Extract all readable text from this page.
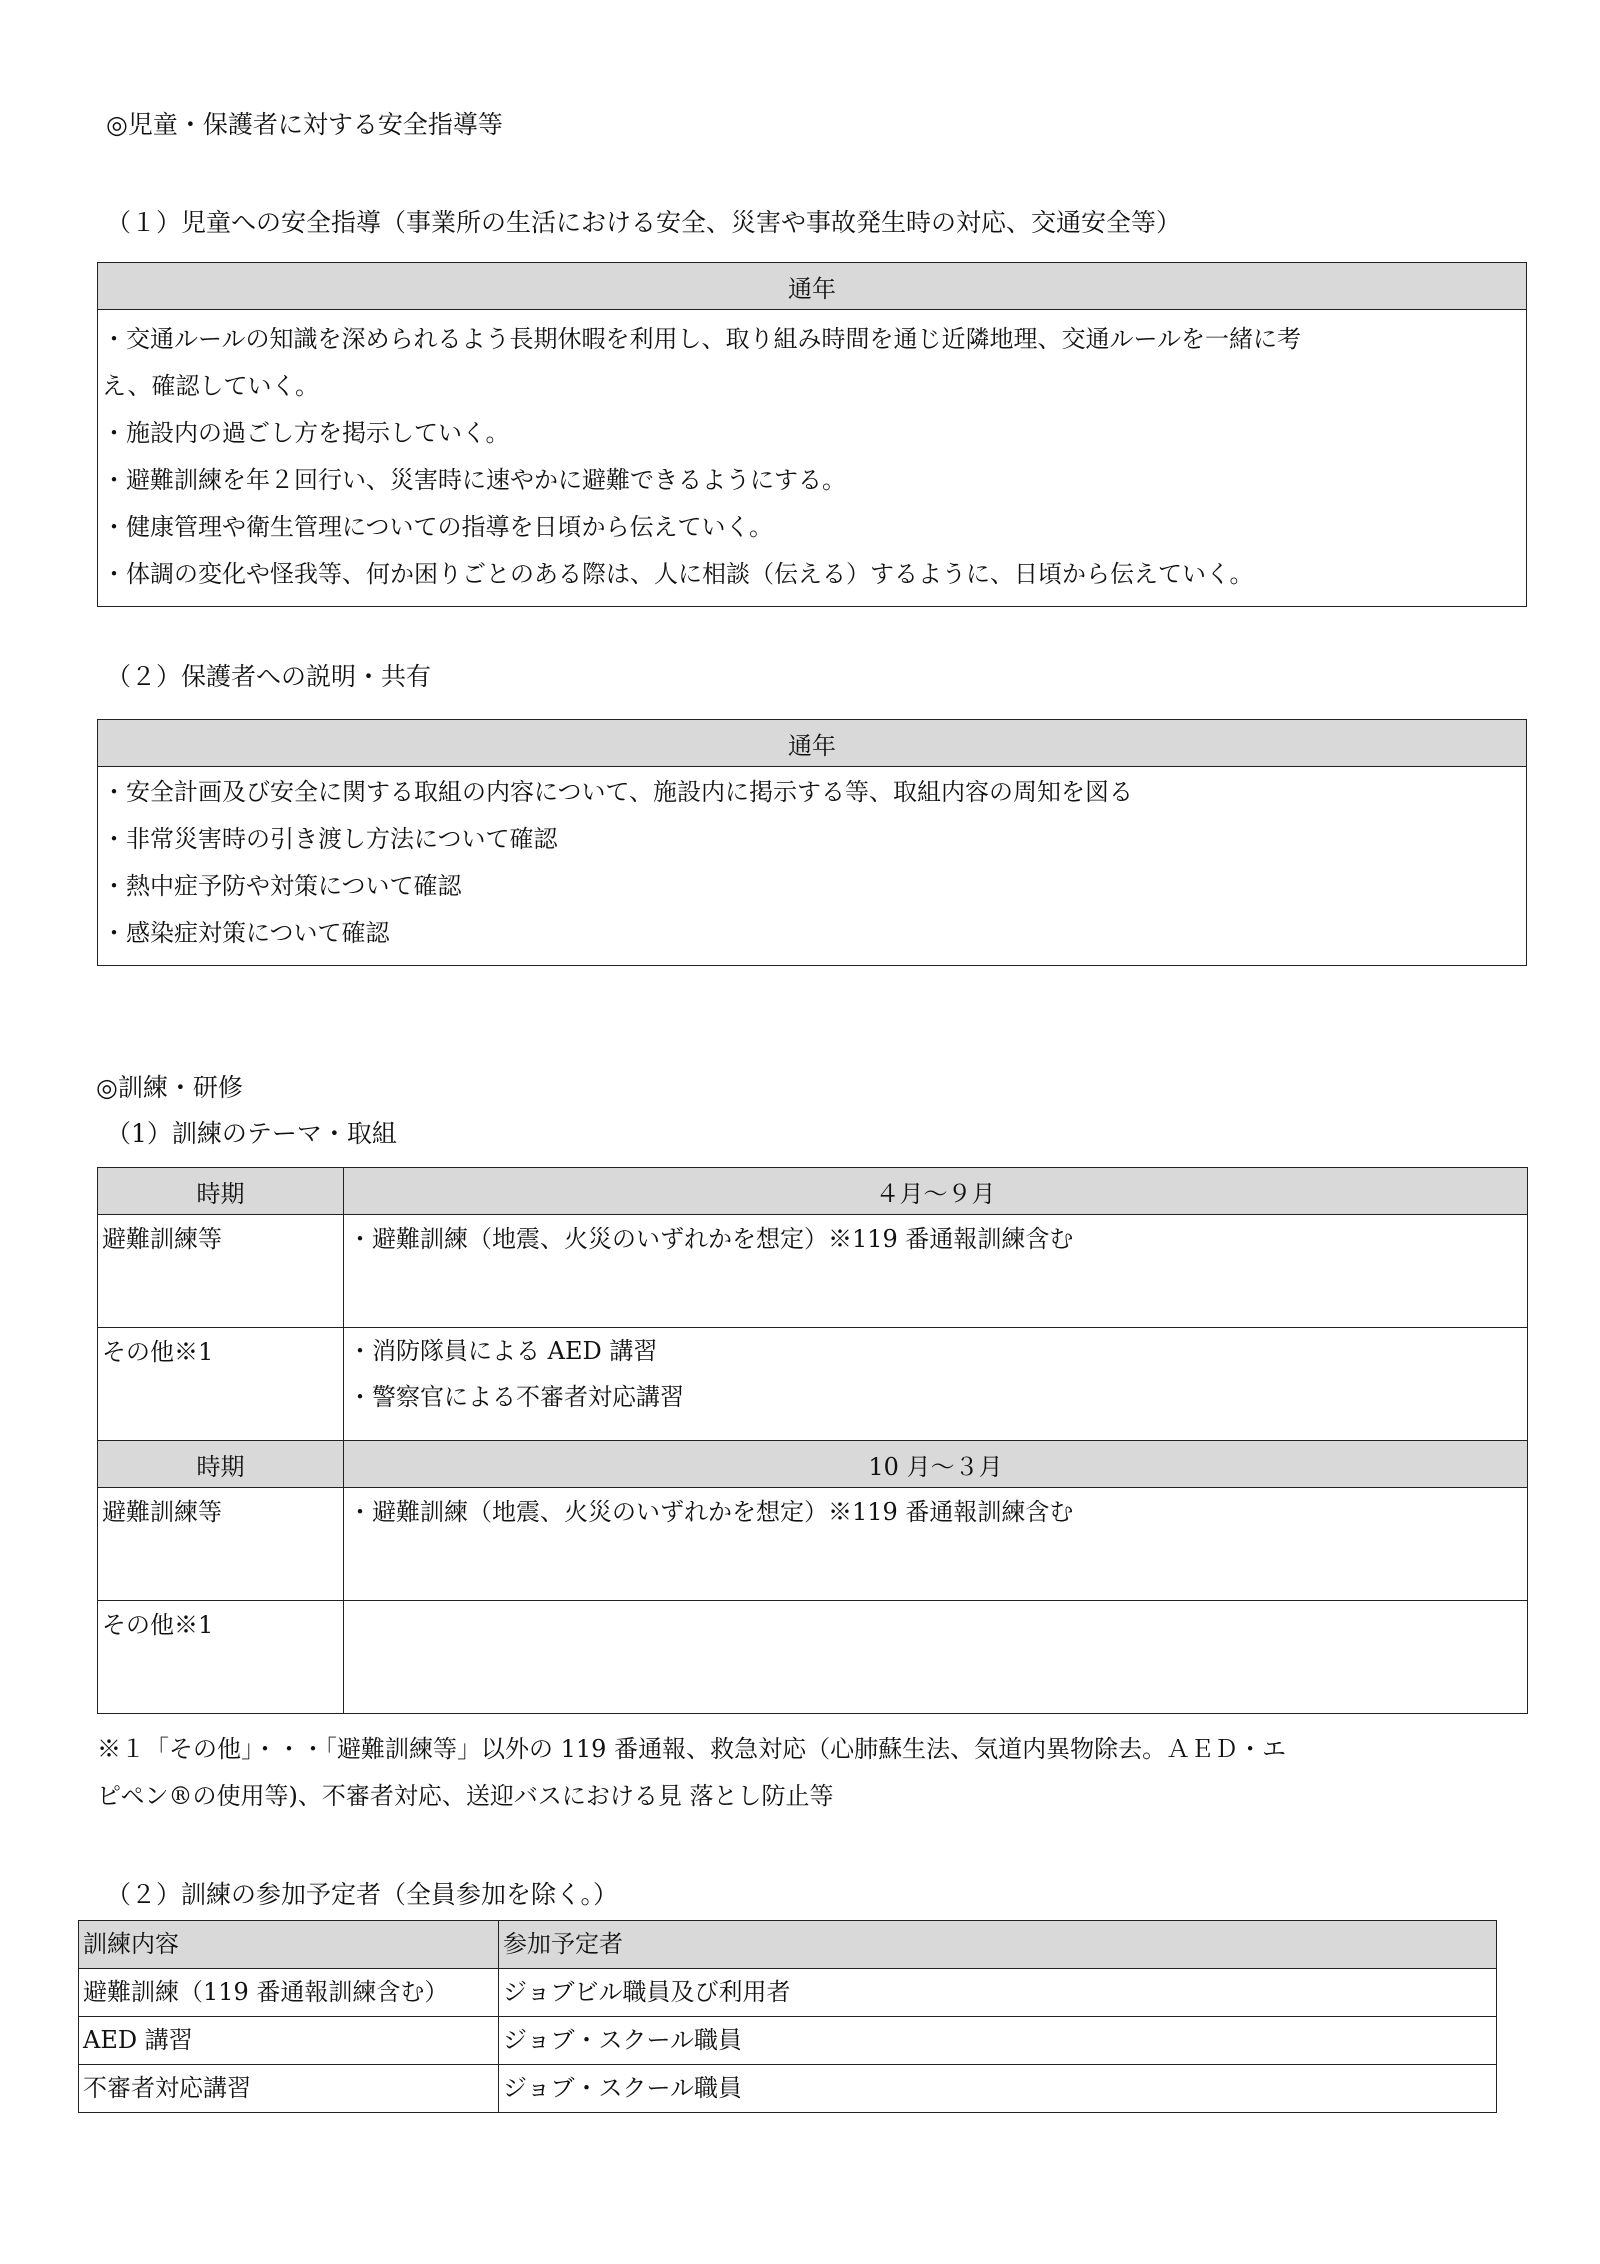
◎児童・保護者に対する安全指導等
（１）児童への安全指導（事業所の生活における安全、災害や事故発生時の対応、交通安全等）
通年

・交通ルールの知識を深められるよう長期休暇を利用し、取り組み時間を通じ近隣地理、交通ルールを一緒に考
え、確認していく。
・施設内の過ごし方を掲示していく。
・避難訓練を年２回行い、災害時に速やかに避難できるようにする。
・健康管理や衛生管理についての指導を日頃から伝えていく。
・体調の変化や怪我等、何か困りごとのある際は、人に相談（伝える）するように、日頃から伝えていく。
（２）保護者への説明・共有
通年

・安全計画及び安全に関する取組の内容について、施設内に掲示する等、取組内容の周知を図る
・非常災害時の引き渡し方法について確認
・熱中症予防や対策について確認
・感染症対策について確認
◎訓練・研修
（1）訓練のテーマ・取組
時期	４月～９月
避難訓練等	・避難訓練（地震、火災のいずれかを想定）※119 番通報訓練含む
その他※1	・消防隊員による AED 講習
・警察官による不審者対応講習

時期	10 月～３月
避難訓練等	・避難訓練（地震、火災のいずれかを想定）※119 番通報訓練含む
その他※1	
※１「その他」・・・「避難訓練等」以外の 119 番通報、救急対応（心肺蘇生法、気道内異物除去。ＡＥＤ・エ
ピペン®の使用等)、不審者対応、送迎バスにおける見 落とし防止等
（２）訓練の参加予定者（全員参加を除く。）
訓練内容	参加予定者
避難訓練（119 番通報訓練含む）	ジョブビル職員及び利用者
AED 講習	ジョブ・スクール職員
不審者対応講習	ジョブ・スクール職員
